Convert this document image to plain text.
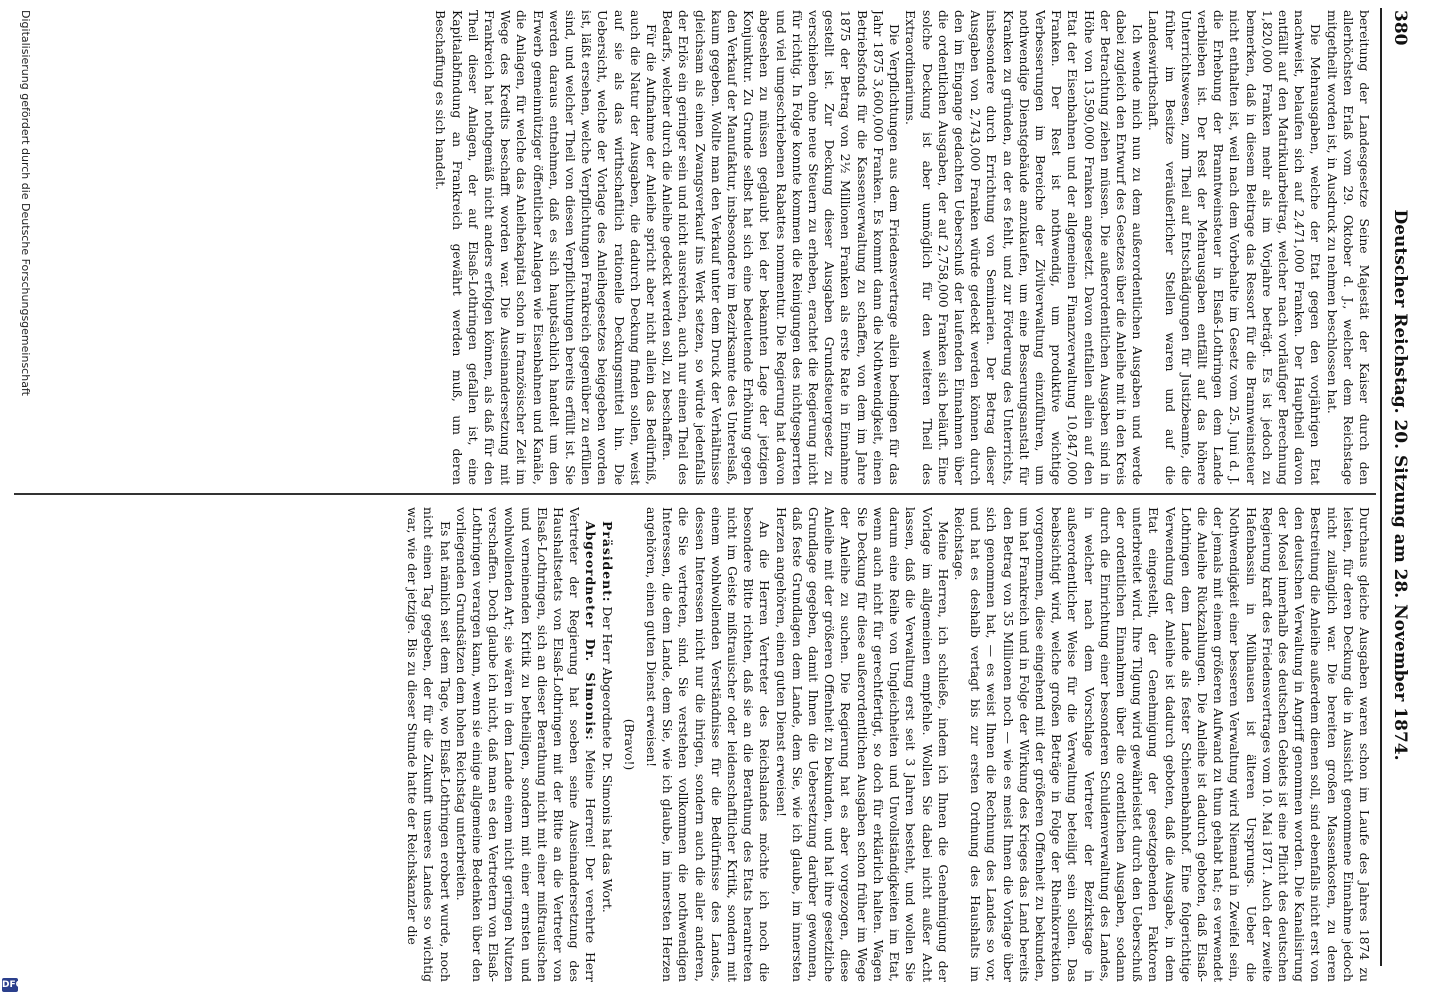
380
Deutscher Reichstag. 20. Sitzung am 28. November 1874.

bereitung der Landesgesetze Seine Majestät der Kaiser durch den allerhöchsten Erlaß vom 29. Oktober d. J., welcher dem Reichstage mitgetheilt worden ist, in Ausdruck zu nehmen beschlossen hat.

Die Mehrausgaben, welche der Etat gegen den vorjährigen Etat nachweist, belaufen sich auf 2,471,000 Franken. Der Hauptheil davon entfällt auf den Matrikularbeitrag, welcher nach vorläufiger Berechnung 1,820,000 Franken mehr als im Vorjahre beträgt. Es ist jedoch zu bemerken, daß in diesem Beitrage das Ressort für die Brannweinsteuer nicht enthalten ist, weil nach dem Vorbehalte im Gesetz vom 25. Juni d. J. die Erhebung der Branntweinsteuer in Elsaß-Lothringen dem Lande verblieben ist. Der Rest der Mehrausgaben entfällt auf das höhere Unterrichtswesen, zum Theil auf Entschädigungen für Justizbeamte, die früher im Besitze veräußerlicher Stellen waren und auf die Landeswirthschaft.

Ich wende mich nun zu dem außerordentlichen Ausgaben und werde dabei zugleich den Entwurf des Gesetzes über die Anleihe mit in den Kreis der Betrachtung ziehen müssen. Die außerordentlichen Ausgaben sind in Höhe von 13,590,000 Franken angesetzt. Davon entfallen allein auf den Etat der Eisenbahnen und der allgemeinen Finanzverwaltung 10,847,000 Franken. Der Rest ist nothwendig, um produktive wichtige Verbesserungen im Bereiche der Zivilverwaltung einzuführen, um nothwendige Dienstgebäude anzukaufen, um eine Besserungsanstalt für Kranken zu gründen, an der es fehlt, und zur Förderung des Unterrichts, insbesondere durch Errichtung von Seminarien. Der Betrag dieser Ausgaben von 2,743,000 Franken würde gedeckt werden können durch den im Eingange gedachten Ueberschuß der laufenden Einnahmen über die ordentlichen Ausgaben, der auf 2,758,000 Franken sich beläuft. Eine solche Deckung ist aber unmöglich für den weiteren Theil des Extraordinariums.

Die Verpflichtungen aus dem Friedensvertrage allein bedingen für das Jahr 1875 3,600,000 Franken. Es kommt dann die Nothwendigkeit, einen Betriebsfonds für die Kassenverwaltung zu schaffen, von dem im Jahre 1875 der Betrag von 2½ Millionen Franken als erste Rate in Einnahme gestellt ist. Zur Deckung dieser Ausgaben Grundsteuergesetz zu verschieben ohne neue Steuern zu erheben, erachtet die Regierung nicht für richtig. In Folge konnte kommen die Reinigungen des nichtgesperrten und viel umgeschriebenen Rabattes nommentur. Die Regierung hat davon abgesehen zu müssen geglaubt bei der bekannten Lage der jetzigen Konjunktur. Zu Grunde selbst hat sich eine bedeutende Erhöhung gegen den Verkauf der Manufaktur, insbesondere im Bezirksamte des Unterelsaß, kaum gegeben. Wollte man den Verkauf unter dem Druck der Verhältnisse gleichsam als einen Zwangsverkauf ins Werk setzen, so würde jedenfalls der Erlös ein geringer sein und nicht ausreichen, auch nur einen Theil des Bedarfs, welcher durch die Anleihe gedeckt werden soll, zu beschaffen.

Für die Aufnahme der Anleihe spricht aber nicht allein das Bedürfniß, auch die Natur der Ausgaben, die dadurch Deckung finden sollen, weist auf sie als das wirthschaftlich rationelle Deckungsmittel hin. Die Uebersicht, welche der Vorlage des Anleihegesetzes beigegeben worden ist, läßt ersehen, welche Verpflichtungen Frankreich gegenüber zu erfüllen sind, und welcher Theil von diesen Verpflichtungen bereits erfüllt ist. Sie werden daraus entnehmen, daß es sich hauptsächlich handelt um den Erwerb gemeinnütziger öffentlicher Anlagen wie Eisenbahnen und Kanäle, die Anlagen, für welche das Anleihekapital schon in französischer Zeit im Wege des Kredits beschafft worden war. Die Auseinandersetzung mit Frankreich hat nothgemäß nicht anders erfolgen können, als daß für den Theil dieser Anlagen, der auf Elsaß-Lothringen gefallen ist, eine Kapitalabfindung an Frankreich gewährt werden muß, um deren Beschaffung es sich handelt.

Durchaus gleiche Ausgaben waren schon im Laufe des Jahres 1874 zu leisten, für deren Deckung die in Aussicht genommene Einnahme jedoch nicht zulänglich war. Die bereiten großen Massenkosten, zu deren Bestreitung die Anleihe außerdem dienen soll, sind ebenfalls nicht erst von den deutschen Verwaltung in Angriff genommen worden. Die Kanalisirung der Mosel innerhalb des deutschen Gebiets ist eine Pflicht des deutschen Regierung kraft des Friedensvertrages vom 10. Mai 1871. Auch der zweite Hafenbassin in Mülhausen ist älteren Ursprungs. Ueber die Nothwendigkeit einer besseren Verwaltung wird Niemand in Zweifel sein, der jemals mit einem größeren Aufwand zu thun gehabt hat; es verwendet die Anleihe Rückzahlungen. Die Anleihe ist dadurch geboten, daß Elsaß-Lothringen dem Lande als fester Schienenbahnhof. Eine folgerichtige Verwendung der Anleihe ist dadurch geboten, daß die Ausgabe, in dem Etat eingestellt, der Genehmigung der gesetzgebenden Faktoren unterbreitet wird. Ihre Tilgung wird gewährleistet durch den Ueberschuß der ordentlichen Einnahmen über die ordentlichen Ausgaben, sodann durch die Einrichtung einer besonderen Schuldenverwaltung des Landes, in welcher nach dem Vorschlage Vertreter der Bezirkstage in außerordentlicher Weise für die Verwaltung beteiligt sein sollen. Das beabsichtigt wird, welche großen Beträge in Folge der Rheinkorrektion vorgenommen, diese eingehend mit der größeren Offenheit zu bekunden, um hat Frankreich und in Folge der Wirkung des Krieges das Land bereits den Betrag von 35 Millionen noch — wie es meist Ihnen die Vorlage über sich genommen hat, — es weist Ihnen die Rechnung des Landes so vor, und hat es deshalb vertagt bis zur ersten Ordnung des Haushalts im Reichstage.

Meine Herren, ich schließe, indem ich Ihnen die Genehmigung der Vorlage im allgemeinen empfehle. Wollen Sie dabei nicht außer Acht lassen, daß die Verwaltung erst seit 3 Jahren besteht, und wollen Sie darum eine Reihe von Ungleichheiten und Unvollständigkeiten im Etat, wenn auch nicht für gerechtfertigt, so doch für erklärlich halten. Wagen Sie Deckung für diese außerordentlichen Ausgaben schon früher im Wege der Anleihe zu suchen. Die Regierung hat es aber vorgezogen, diese Anleihe mit der größeren Offenheit zu bekunden, und hat ihre gesetzliche Grundlage gegeben, damit Ihnen die Uebersetzung darüber gewonnen, daß feste Grundlagen dem Lande, dem Sie, wie ich glaube, im innersten Herzen angehören, einen guten Dienst erweisen!

An die Herren Vertreter des Reichslandes möchte ich noch die besondere Bitte richten, daß sie an die Berathung des Etats herantreten nicht im Geiste mißtrauischer oder leidenschaftlicher Kritik, sondern mit einem wohlwollenden Verständnisse für die Bedürfnisse des Landes, dessen Interessen nicht nur die ihrigen, sondern auch die aller anderen, die Sie vertreten, sind. Sie verstehen vollkommen die nothwendigen Interessen, die dem Lande, dem Sie, wie ich glaube, im innersten Herzen angehören, einen guten Dienst erweisen!

(Bravo!)

Präsident: Der Herr Abgeordnete Dr. Simonis hat das Wort.

Abgeordneter Dr. Simonis: Meine Herren! Der verehrte Herr Vertreter der Regierung hat soeben seine Auseinandersetzung des Haushaltsetats von Elsaß-Lothringen mit der Bitte an die Vertreter von Elsaß-Lothringen, sich an dieser Berathung nicht mit einer mißtrauischen und verneinenden Kritik zu betheiligen, sondern mit einer ernsten und wohlwollenden Art; sie wären in dem Lande einem nicht geringen Nutzen verschaffen. Doch glaube ich nicht, daß man es den Vertretern von Elsaß-Lothringen verargen kann, wenn sie einige allgemeine Bedenken über den vorliegenden Grundsätzen dem hohen Reichstag unterbreiten.

Es hat nämlich seit dem Tage, wo Elsaß-Lothringen erobert wurde, noch nicht einen Tag gegeben, der für die Zukunft unseres Landes so wichtig war, wie der jetzige. Bis zu dieser Stunde hatte der Reichskanzler die

Digitalisierung gefördert durch die Deutsche Forschungsgemeinschaft
DFG
